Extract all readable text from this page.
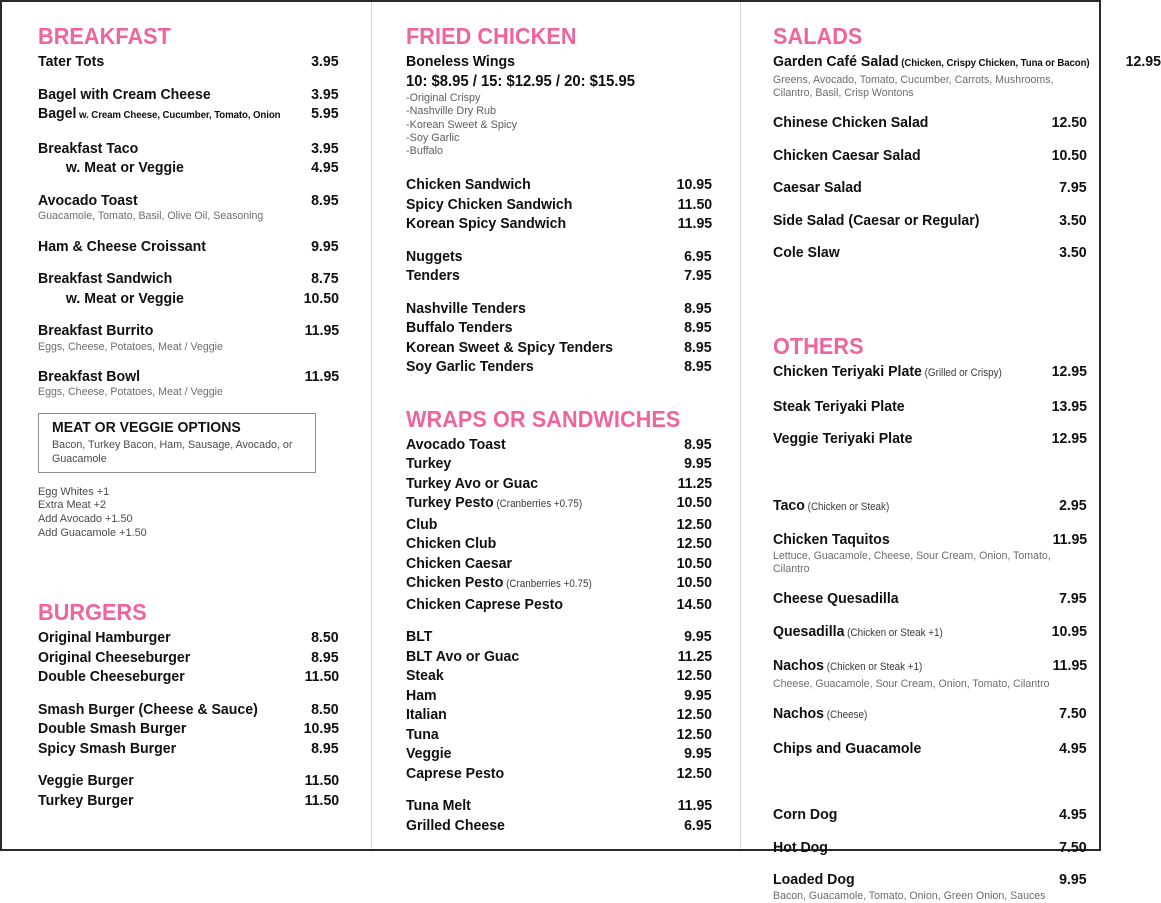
BREAKFAST
Tater Tots	3.95
Bagel with Cream Cheese	3.95
Bagel w. Cream Cheese, Cucumber, Tomato, Onion	5.95
Breakfast Taco	3.95
w. Meat or Veggie	4.95
Avocado Toast	8.95
Guacamole, Tomato, Basil, Olive Oil, Seasoning
Ham & Cheese Croissant	9.95
Breakfast Sandwich	8.75
w. Meat or Veggie	10.50
Breakfast Burrito	11.95
Eggs, Cheese, Potatoes, Meat / Veggie
Breakfast Bowl	11.95
Eggs, Cheese, Potatoes, Meat / Veggie
MEAT OR VEGGIE OPTIONS
Bacon, Turkey Bacon, Ham, Sausage, Avocado, or Guacamole
Egg Whites +1
Extra Meat +2
Add Avocado +1.50
Add Guacamole +1.50
BURGERS
Original Hamburger	8.50
Original Cheeseburger	8.95
Double Cheeseburger	11.50
Smash Burger (Cheese & Sauce)	8.50
Double Smash Burger	10.95
Spicy Smash Burger	8.95
Veggie Burger	11.50
Turkey Burger	11.50
FRIED CHICKEN
Boneless Wings
10: $8.95 / 15: $12.95 / 20: $15.95
-Original Crispy
-Nashville Dry Rub
-Korean Sweet & Spicy
-Soy Garlic
-Buffalo
Chicken Sandwich	10.95
Spicy Chicken Sandwich	11.50
Korean Spicy Sandwich	11.95
Nuggets	6.95
Tenders	7.95
Nashville Tenders	8.95
Buffalo Tenders	8.95
Korean Sweet & Spicy Tenders	8.95
Soy Garlic Tenders	8.95
WRAPS OR SANDWICHES
Avocado Toast	8.95
Turkey	9.95
Turkey Avo or Guac	11.25
Turkey Pesto (Cranberries +0.75)	10.50
Club	12.50
Chicken Club	12.50
Chicken Caesar	10.50
Chicken Pesto (Cranberries +0.75)	10.50
Chicken Caprese Pesto	14.50
BLT	9.95
BLT Avo or Guac	11.25
Steak	12.50
Ham	9.95
Italian	12.50
Tuna	12.50
Veggie	9.95
Caprese Pesto	12.50
Tuna Melt	11.95
Grilled Cheese	6.95
SALADS
Garden Café Salad (Chicken, Crispy Chicken, Tuna or Bacon)	12.95
Greens, Avocado, Tomato, Cucumber, Carrots, Mushrooms, Cilantro, Basil, Crisp Wontons
Chinese Chicken Salad	12.50
Chicken Caesar Salad	10.50
Caesar Salad	7.95
Side Salad (Caesar or Regular)	3.50
Cole Slaw	3.50
OTHERS
Chicken Teriyaki Plate (Grilled or Crispy)	12.95
Steak Teriyaki Plate	13.95
Veggie Teriyaki Plate	12.95
Taco (Chicken or Steak)	2.95
Chicken Taquitos	11.95
Lettuce, Guacamole, Cheese, Sour Cream, Onion, Tomato, Cilantro
Cheese Quesadilla	7.95
Quesadilla (Chicken or Steak +1)	10.95
Nachos (Chicken or Steak +1)	11.95
Cheese, Guacamole, Sour Cream, Onion, Tomato, Cilantro
Nachos (Cheese)	7.50
Chips and Guacamole	4.95
Corn Dog	4.95
Hot Dog	7.50
Loaded Dog	9.95
Bacon, Guacamole, Tomato, Onion, Green Onion, Sauces
